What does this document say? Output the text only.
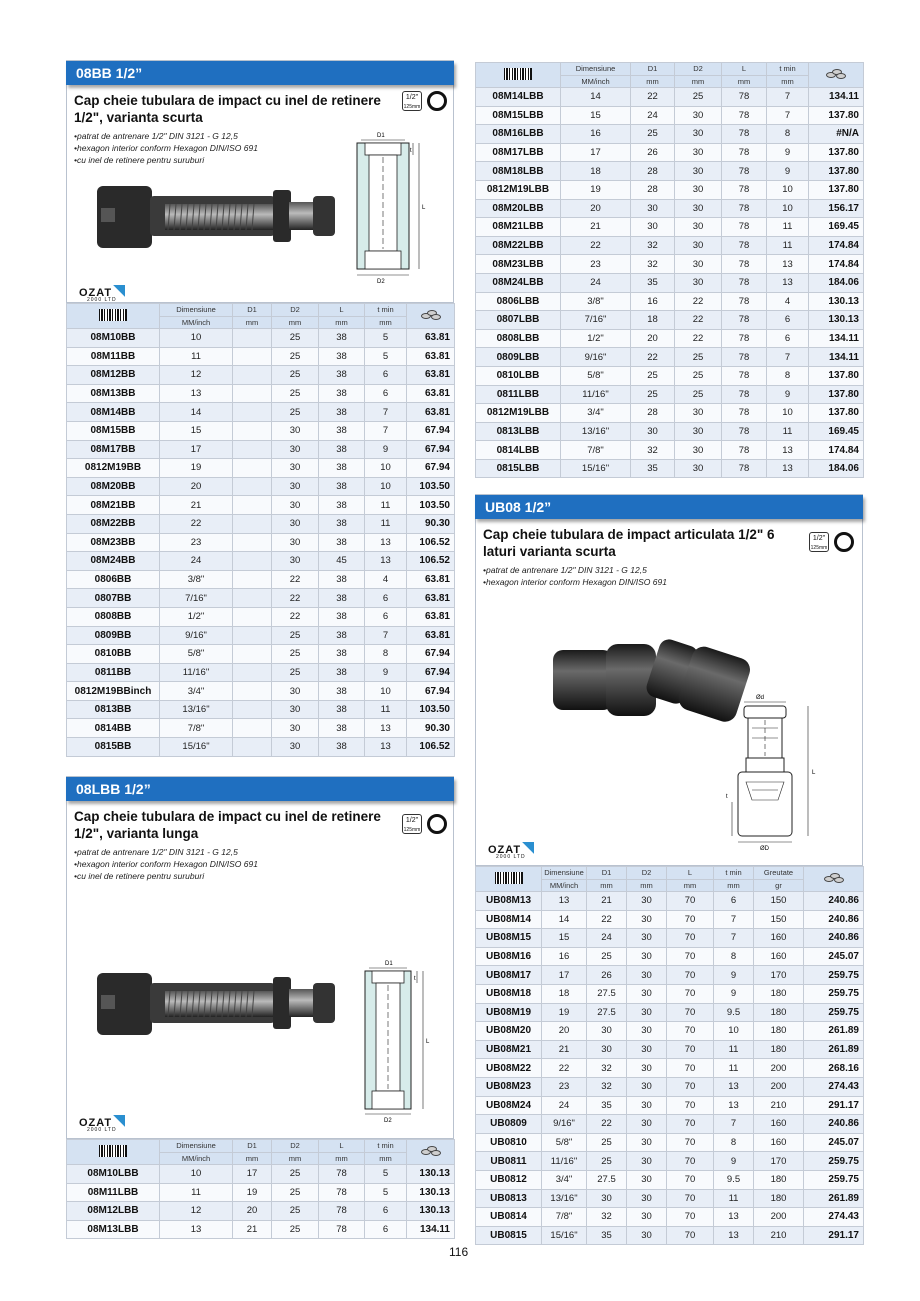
08BB 1/2”
Cap cheie tubulara de impact cu inel de retinere 1/2", varianta scurta
1/2"
125mm
• patrat de antrenare 1/2" DIN 3121 - G 12,5
• hexagon interior conform Hexagon DIN/ISO 691
• cu inel de retinere pentru suruburi
D1
D2
L
t
OZAT
2000 LTD
	Dimensiune	D1	D2	L	t min	

	MM/inch	mm	mm	mm	mm	
08M10BB	10		25	38	5	63.81
08M11BB	11		25	38	5	63.81
08M12BB	12		25	38	6	63.81
08M13BB	13		25	38	6	63.81
08M14BB	14		25	38	7	63.81
08M15BB	15		30	38	7	67.94
08M17BB	17		30	38	9	67.94
0812M19BB	19		30	38	10	67.94
08M20BB	20		30	38	10	103.50
08M21BB	21		30	38	11	103.50
08M22BB	22		30	38	11	90.30
08M23BB	23		30	38	13	106.52
08M24BB	24		30	45	13	106.52
0806BB	3/8"		22	38	4	63.81
0807BB	7/16"		22	38	6	63.81
0808BB	1/2"		22	38	6	63.81
0809BB	9/16"		25	38	7	63.81
0810BB	5/8"		25	38	8	67.94
0811BB	11/16"		25	38	9	67.94
0812M19BBinch	3/4"		30	38	10	67.94
0813BB	13/16"		30	38	11	103.50
0814BB	7/8"		30	38	13	90.30
0815BB	15/16"		30	38	13	106.52
08LBB 1/2”
Cap cheie tubulara de impact cu inel de retinere 1/2", varianta lunga
1/2"
125mm
• patrat de antrenare 1/2" DIN 3121 - G 12,5
• hexagon interior conform Hexagon DIN/ISO 691
• cu inel de retinere pentru suruburi
D1
D2
L
t
OZAT
2000 LTD
	Dimensiune	D1	D2	L	t min	

	MM/inch	mm	mm	mm	mm	
08M10LBB	10	17	25	78	5	130.13
08M11LBB	11	19	25	78	5	130.13
08M12LBB	12	20	25	78	6	130.13
08M13LBB	13	21	25	78	6	134.11
	Dimensiune	D1	D2	L	t min	

	MM/inch	mm	mm	mm	mm	
08M14LBB	14	22	25	78	7	134.11
08M15LBB	15	24	30	78	7	137.80
08M16LBB	16	25	30	78	8	#N/A
08M17LBB	17	26	30	78	9	137.80
08M18LBB	18	28	30	78	9	137.80
0812M19LBB	19	28	30	78	10	137.80
08M20LBB	20	30	30	78	10	156.17
08M21LBB	21	30	30	78	11	169.45
08M22LBB	22	32	30	78	11	174.84
08M23LBB	23	32	30	78	13	174.84
08M24LBB	24	35	30	78	13	184.06
0806LBB	3/8"	16	22	78	4	130.13
0807LBB	7/16"	18	22	78	6	130.13
0808LBB	1/2"	20	22	78	6	134.11
0809LBB	9/16"	22	25	78	7	134.11
0810LBB	5/8"	25	25	78	8	137.80
0811LBB	11/16"	25	25	78	9	137.80
0812M19LBB	3/4"	28	30	78	10	137.80
0813LBB	13/16"	30	30	78	11	169.45
0814LBB	7/8"	32	30	78	13	174.84
0815LBB	15/16"	35	30	78	13	184.06
UB08 1/2”
Cap cheie tubulara de impact articulata 1/2" 6 laturi varianta scurta
1/2"
125mm
• patrat de antrenare 1/2" DIN 3121 - G 12,5
• hexagon interior conform Hexagon DIN/ISO 691
Ød
ØD
L
t
OZAT
2000 LTD
	Dimensiune	D1	D2	L	t min	Greutate	

	MM/inch	mm	mm	mm	mm	gr	
UB08M13	13	21	30	70	6	150	240.86
UB08M14	14	22	30	70	7	150	240.86
UB08M15	15	24	30	70	7	160	240.86
UB08M16	16	25	30	70	8	160	245.07
UB08M17	17	26	30	70	9	170	259.75
UB08M18	18	27.5	30	70	9	180	259.75
UB08M19	19	27.5	30	70	9.5	180	259.75
UB08M20	20	30	30	70	10	180	261.89
UB08M21	21	30	30	70	11	180	261.89
UB08M22	22	32	30	70	11	200	268.16
UB08M23	23	32	30	70	13	200	274.43
UB08M24	24	35	30	70	13	210	291.17
UB0809	9/16"	22	30	70	7	160	240.86
UB0810	5/8"	25	30	70	8	160	245.07
UB0811	11/16"	25	30	70	9	170	259.75
UB0812	3/4"	27.5	30	70	9.5	180	259.75
UB0813	13/16"	30	30	70	11	180	261.89
UB0814	7/8"	32	30	70	13	200	274.43
UB0815	15/16"	35	30	70	13	210	291.17
116
